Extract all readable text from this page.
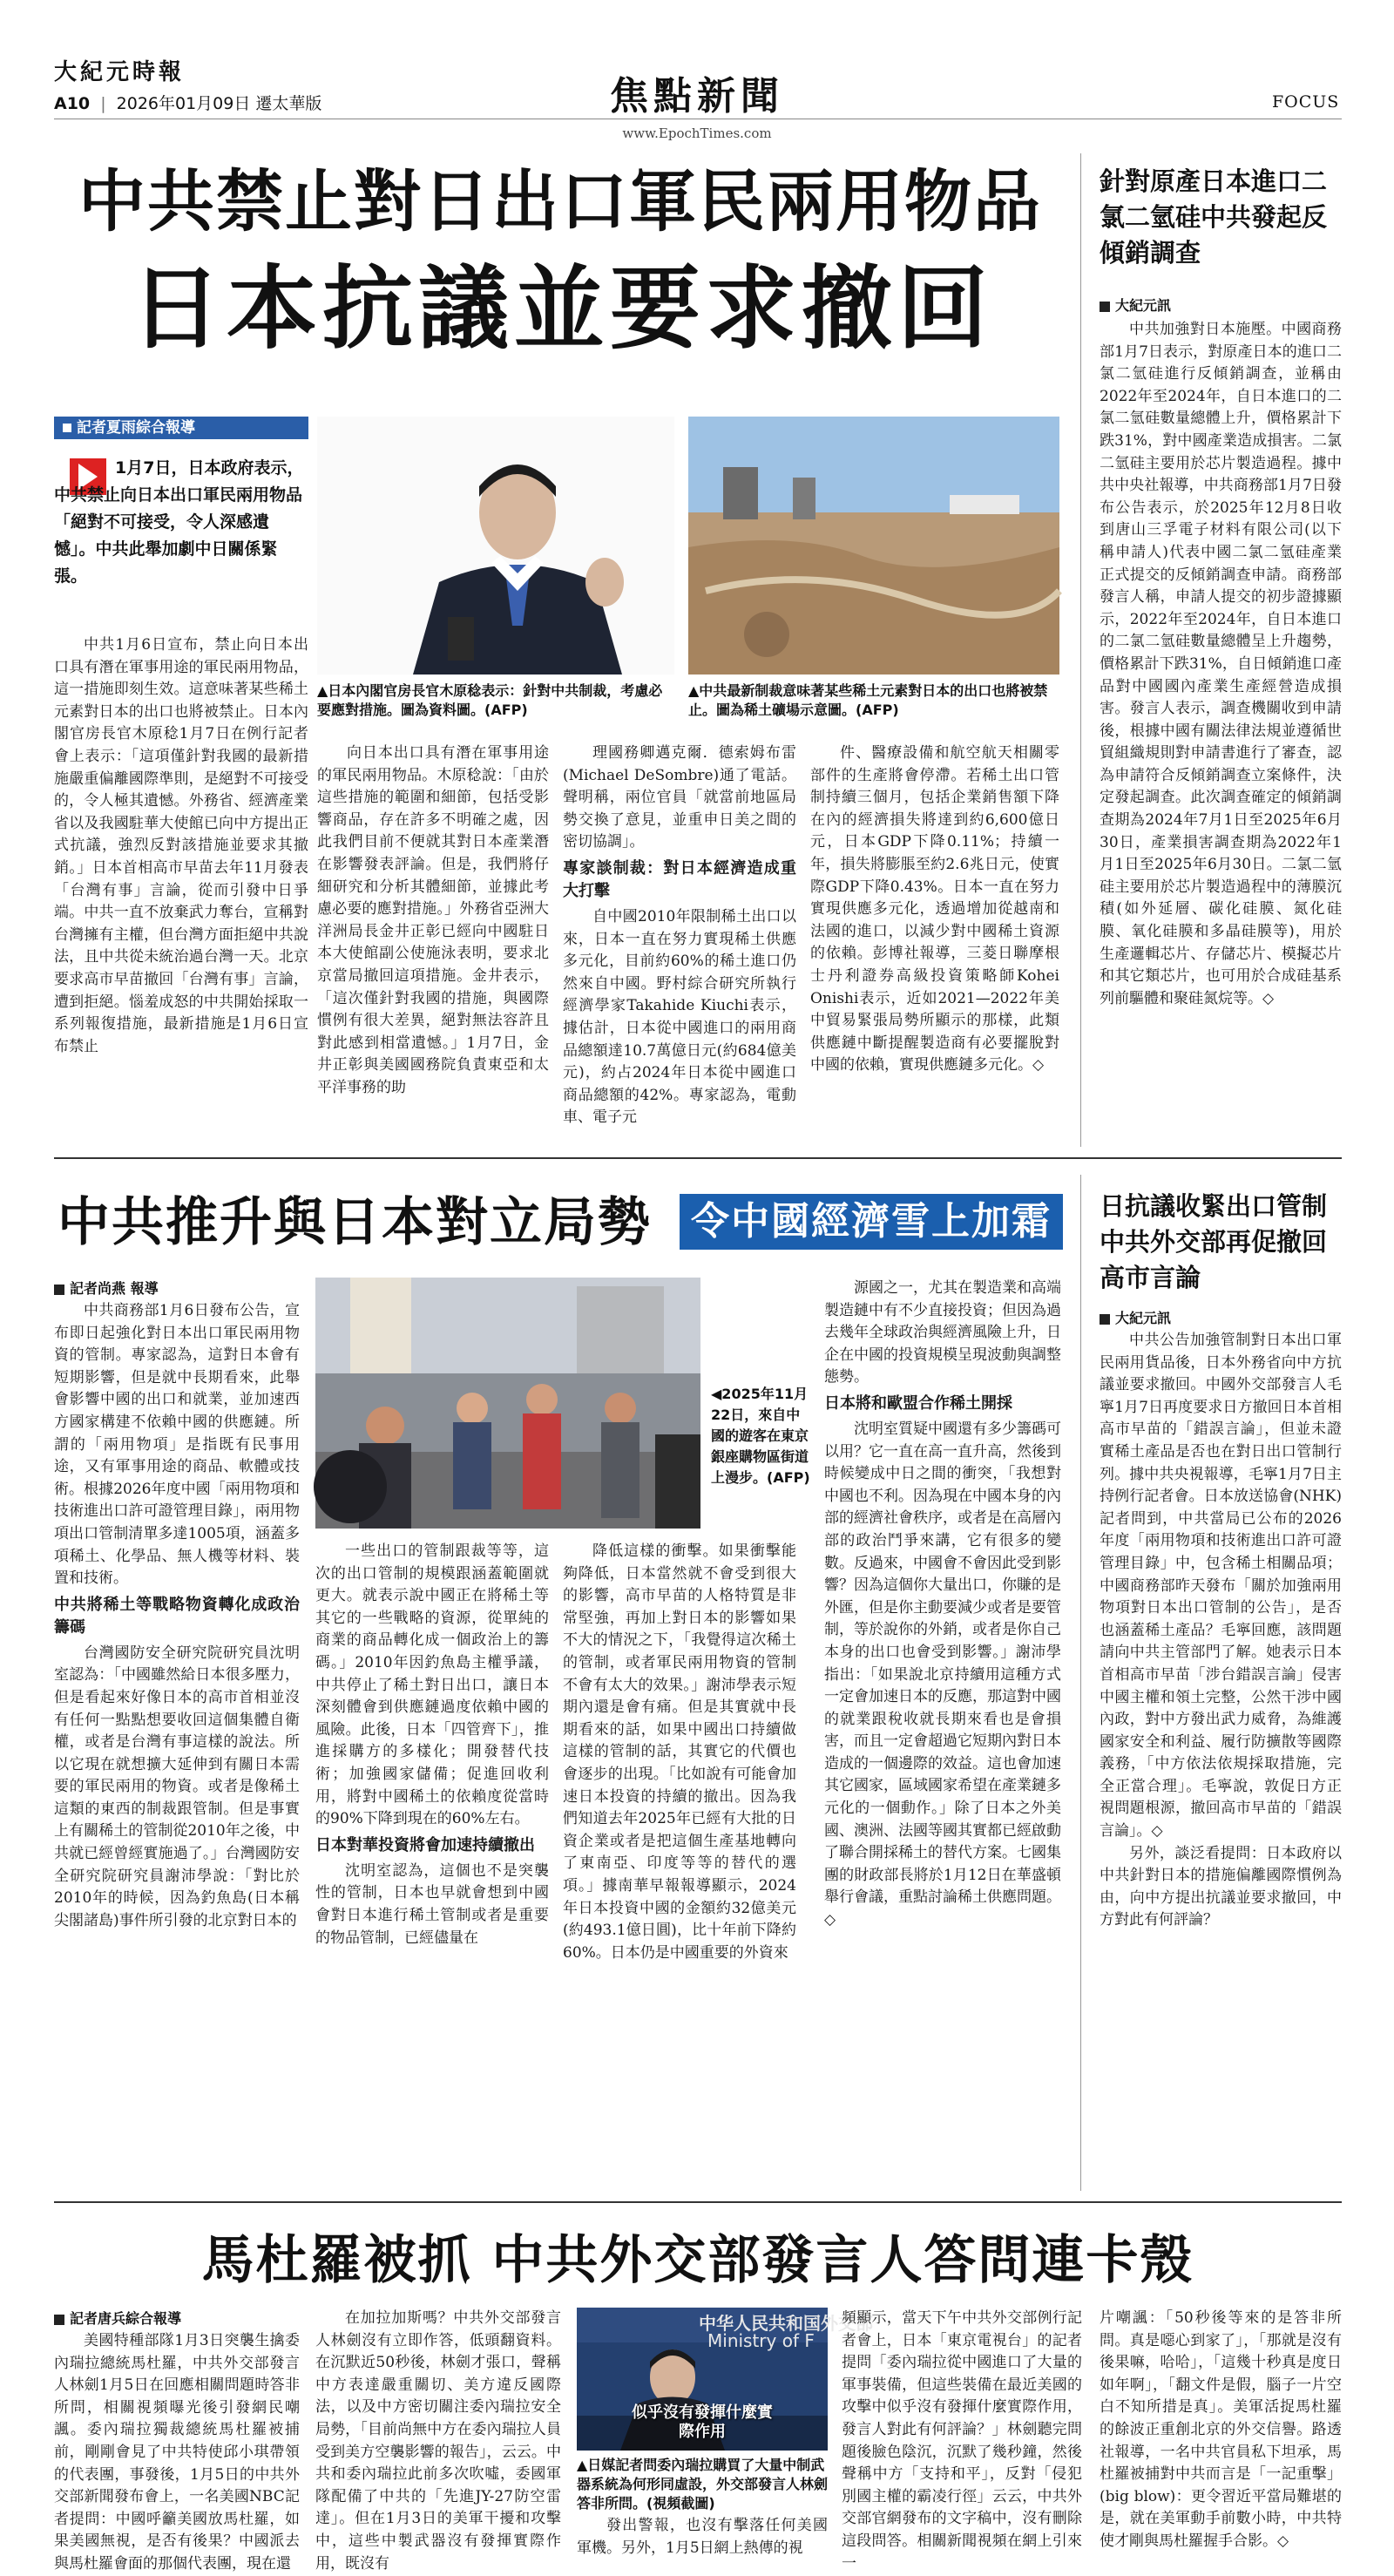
大紀元時報
A10 | 2026年01月09日 遷太華版	焦點新聞
www.EpochTimes.com
FOCUS
中共禁止對日出口軍民兩用物品
日本抗議並要求撤回
記者夏雨綜合報導
1月7日，日本政府表示，中共禁止向日本出口軍民兩用物品「絕對不可接受，令人深感遺憾」。中共此舉加劇中日關係緊張。
▲日本內閣官房長官木原稔表示：針對中共制裁，考慮必要應對措施。圖為資料圖。(AFP)
▲中共最新制裁意味著某些稀土元素對日本的出口也將被禁止。圖為稀土礦場示意圖。(AFP)

中共1月6日宣布，禁止向日本出口具有潛在軍事用途的軍民兩用物品，這一措施即刻生效。這意味著某些稀土元素對日本的出口也將被禁止。日本內閣官房長官木原稔1月7日在例行記者會上表示：「這項僅針對我國的最新措施嚴重偏離國際準則，是絕對不可接受的，令人極其遺憾。外務省、經濟產業省以及我國駐華大使館已向中方提出正式抗議，強烈反對該措施並要求其撤銷。」日本首相高市早苗去年11月發表「台灣有事」言論，從而引發中日爭端。中共一直不放棄武力奪台，宣稱對台灣擁有主權，但台灣方面拒絕中共說法，且中共從未統治過台灣一天。北京要求高市早苗撤回「台灣有事」言論，遭到拒絕。惱羞成怒的中共開始採取一系列報復措施，最新措施是1月6日宣布禁止

向日本出口具有潛在軍事用途的軍民兩用物品。木原稔說：「由於這些措施的範圍和細節，包括受影響商品，存在許多不明確之處，因此我們目前不便就其對日本產業潛在影響發表評論。但是，我們將仔細研究和分析其體細節，並據此考慮必要的應對措施。」外務省亞洲大洋洲局長金井正彰已經向中國駐日本大使館副公使施泳表明，要求北京當局撤回這項措施。金井表示，「這次僅針對我國的措施，與國際慣例有很大差異，絕對無法容許且對此感到相當遺憾。」1月7日，金井正彰與美國國務院負責東亞和太平洋事務的助

理國務卿邁克爾．德索姆布雷(Michael DeSombre)通了電話。聲明稱，兩位官員「就當前地區局勢交換了意見，並重申日美之間的密切協調」。

專家談制裁：對日本經濟造成重大打擊

自中國2010年限制稀土出口以來，日本一直在努力實現稀土供應多元化，目前約60%的稀土進口仍然來自中國。野村綜合研究所執行經濟學家Takahide Kiuchi表示，據估計，日本從中國進口的兩用商品總額達10.7萬億日元(約684億美元)，約占2024年日本從中國進口商品總額的42%。專家認為，電動車、電子元

件、醫療設備和航空航天相關零部件的生產將會停滯。若稀土出口管制持續三個月，包括企業銷售額下降在內的經濟損失將達到約6,600億日元，日本GDP下降0.11%；持續一年，損失將膨脹至約2.6兆日元，使實際GDP下降0.43%。日本一直在努力實現供應多元化，透過增加從越南和法國的進口，以減少對中國稀土資源的依賴。彭博社報導，三菱日聯摩根士丹利證券高級投資策略師Kohei Onishi表示，近如2021—2022年美中貿易緊張局勢所顯示的那樣，此類供應鏈中斷提醒製造商有必要擺脫對中國的依賴，實現供應鏈多元化。◇

針對原產日本進口二氯二氫硅中共發起反傾銷調查
大紀元訊

中共加強對日本施壓。中國商務部1月7日表示，對原產日本的進口二氯二氫硅進行反傾銷調查，並稱由2022年至2024年，自日本進口的二氯二氫硅數量總體上升，價格累計下跌31%，對中國產業造成損害。二氯二氫硅主要用於芯片製造過程。據中共中央社報導，中共商務部1月7日發布公告表示，於2025年12月8日收到唐山三孚電子材料有限公司(以下稱申請人)代表中國二氯二氫硅產業正式提交的反傾銷調查申請。商務部發言人稱，申請人提交的初步證據顯示，2022年至2024年，自日本進口的二氯二氫硅數量總體呈上升趨勢，價格累計下跌31%，自日傾銷進口產品對中國國內產業生產經營造成損害。發言人表示，調查機關收到申請後，根據中國有關法律法規並遵循世貿組織規則對申請書進行了審查，認為申請符合反傾銷調查立案條件，決定發起調查。此次調查確定的傾銷調查期為2024年7月1日至2025年6月30日，產業損害調查期為2022年1月1日至2025年6月30日。二氯二氫硅主要用於芯片製造過程中的薄膜沉積(如外延層、碳化硅膜、氮化硅膜、氧化硅膜和多晶硅膜等)，用於生產邏輯芯片、存儲芯片、模擬芯片和其它類芯片，也可用於合成硅基系列前驅體和聚硅氮烷等。◇

中共推升與日本對立局勢	令中國經濟雪上加霜
記者尚燕 報導

中共商務部1月6日發布公告，宣布即日起強化對日本出口軍民兩用物資的管制。專家認為，這對日本會有短期影響，但是就中長期看來，此舉會影響中國的出口和就業，並加速西方國家構建不依賴中國的供應鏈。所謂的「兩用物項」是指既有民事用途，又有軍事用途的商品、軟體或技術。根據2026年度中國「兩用物項和技術進出口許可證管理目錄」，兩用物項出口管制清單多達1005項，涵蓋多項稀土、化學品、無人機等材料、裝置和技術。

中共將稀土等戰略物資轉化成政治籌碼

台灣國防安全研究院研究員沈明室認為：「中國雖然給日本很多壓力，但是看起來好像日本的高市首相並沒有任何一點點想要收回這個集體自衛權，或者是台灣有事這樣的說法。所以它現在就想擴大延伸到有關日本需要的軍民兩用的物資。或者是像稀土這類的東西的制裁跟管制。但是事實上有關稀土的管制從2010年之後，中共就已經曾經實施過了。」台灣國防安全研究院研究員謝沛學說：「對比於2010年的時候，因為釣魚島(日本稱尖閣諸島)事件所引發的北京對日本的

◀2025年11月22日，來自中國的遊客在東京銀座購物區街道上漫步。(AFP)

一些出口的管制跟裁等等，這次的出口管制的規模跟涵蓋範圍就更大。就表示說中國正在將稀土等其它的一些戰略的資源，從單純的商業的商品轉化成一個政治上的籌碼。」2010年因釣魚島主權爭議，中共停止了稀土對日出口，讓日本深刻體會到供應鏈過度依賴中國的風險。此後，日本「四管齊下」，推進採購方的多樣化；開發替代技術；加強國家儲備；促進回收利用，將對中國稀土的依賴度從當時的90%下降到現在的60%左右。

日本對華投資將會加速持續撤出

沈明室認為，這個也不是突襲性的管制，日本也早就會想到中國會對日本進行稀土管制或者是重要的物品管制，已經儘量在

降低這樣的衝擊。如果衝擊能夠降低，日本當然就不會受到很大的影響，高市早苗的人格特質是非常堅強，再加上對日本的影響如果不大的情況之下，「我覺得這次稀土的管制，或者軍民兩用物資的管制不會有太大的效果。」謝沛學表示短期內還是會有痛。但是其實就中長期看來的話，如果中國出口持續做這樣的管制的話，其實它的代價也會逐步的出現。「比如說有可能會加速日本投資的持續的撤出。因為我們知道去年2025年已經有大批的日資企業或者是把這個生產基地轉向了東南亞、印度等等的替代的選項。」據南華早報報導顯示，2024年日本投資中國的金額約32億美元(約493.1億日圓)，比十年前下降約60%。日本仍是中國重要的外資來

源國之一，尤其在製造業和高端製造鏈中有不少直接投資；但因為過去幾年全球政治與經濟風險上升，日企在中國的投資規模呈現波動與調整態勢。

日本將和歐盟合作稀土開採

沈明室質疑中國還有多少籌碼可以用？它一直在高一直升高，然後到時候變成中日之間的衝突，「我想對中國也不利。因為現在中國本身的內部的經濟社會秩序，或者是在高層內部的政治鬥爭來講，它有很多的變數。反過來，中國會不會因此受到影響？因為這個你大量出口，你賺的是外匯，但是你主動要減少或者是要管制，等於說你的外銷，或者是你自己本身的出口也會受到影響。」謝沛學指出：「如果說北京持續用這種方式一定會加速日本的反應，那這對中國的就業跟稅收就長期來看也是會損害，而且一定會超過它短期內對日本造成的一個邊際的效益。這也會加速其它國家，區域國家希望在產業鏈多元化的一個動作。」除了日本之外美國、澳洲、法國等國其實都已經啟動了聯合開採稀土的替代方案。七國集團的財政部長將於1月12日在華盛頓舉行會議，重點討論稀土供應問題。◇

日抗議收緊出口管制中共外交部再促撤回高市言論
大紀元訊

中共公告加強管制對日本出口軍民兩用貨品後，日本外務省向中方抗議並要求撤回。中國外交部發言人毛寧1月7日再度要求日方撤回日本首相高市早苗的「錯誤言論」，但並未證實稀土產品是否也在對日出口管制行列。據中共央視報導，毛寧1月7日主持例行記者會。日本放送協會(NHK)記者問到，中共當局已公布的2026年度「兩用物項和技術進出口許可證管理目錄」中，包含稀土相關品項；中國商務部昨天發布「關於加強兩用物項對日本出口管制的公告」，是否也涵蓋稀土產品？毛寧回應，該問題請向中共主管部門了解。她表示日本首相高市早苗「涉台錯誤言論」侵害中國主權和領土完整，公然干涉中國內政，對中方發出武力威脅，為維護國家安全和利益、履行防擴散等國際義務，「中方依法依規採取措施，完全正當合理」。毛寧說，敦促日方正視問題根源，撤回高市早苗的「錯誤言論」。◇

另外，談泛看提問：日本政府以中共針對日本的措施偏離國際慣例為由，向中方提出抗議並要求撤回，中方對此有何評論？

馬杜羅被抓 中共外交部發言人答問連卡殼
記者唐兵綜合報導

美國特種部隊1月3日突襲生擒委內瑞拉總統馬杜羅，中共外交部發言人林劍1月5日在回應相關問題時答非所問，相關視頻曝光後引發網民嘲諷。委內瑞拉獨裁總統馬杜羅被捕前，剛剛會見了中共特使邱小琪帶領的代表團，事發後，1月5日的中共外交部新聞發布會上，一名美國NBC記者提問：中國呼籲美國放馬杜羅，如果美國無視，是否有後果？中國派去與馬杜羅會面的那個代表團，現在還

在加拉加斯嗎？中共外交部發言人林劍沒有立即作答，低頭翻資料。在沉默近50秒後，林劍才張口，聲稱中方表達嚴重關切、美方違反國際法，以及中方密切關注委內瑞拉安全局勢，「目前尚無中方在委內瑞拉人員受到美方空襲影響的報告」，云云。中共和委內瑞拉此前多次吹噓，委國軍隊配備了中共的「先進JY-27防空雷達」。但在1月3日的美軍干擾和攻擊中，這些中製武器沒有發揮實際作用，既沒有

中华人民共和国外交部
Ministry of F
似乎沒有發揮什麼實際作用
▲日媒記者問委內瑞拉購買了大量中制武器系統為何形同虛設，外交部發言人林劍答非所問。(視頻截圖)

發出警報，也沒有擊落任何美國軍機。另外，1月5日網上熱傳的視

頻顯示，當天下午中共外交部例行記者會上，日本「東京電視台」的記者提問「委內瑞拉從中國進口了大量的軍事裝備，但這些裝備在最近美國的攻擊中似乎沒有發揮什麼實際作用，發言人對此有何評論？」林劍聽完問題後臉色陰沉，沉默了幾秒鐘，然後聲稱中方「支持和平」，反對「侵犯別國主權的霸凌行徑」云云，中共外交部官網發布的文字稿中，沒有刪除這段問答。相關新聞視頻在網上引來一

片嘲諷：「50秒後等來的是答非所問。真是噁心到家了」，「那就是沒有後果嘛，哈哈」，「這幾十秒真是度日如年啊」，「翻文件是假，腦子一片空白不知所措是真」。美軍活捉馬杜羅的餘波正重創北京的外交信譽。路透社報導，一名中共官員私下坦承，馬杜羅被捕對中共而言是「一記重擊」(big blow)：更令習近平當局難堪的是，就在美軍動手前數小時，中共特使才剛與馬杜羅握手合影。◇
